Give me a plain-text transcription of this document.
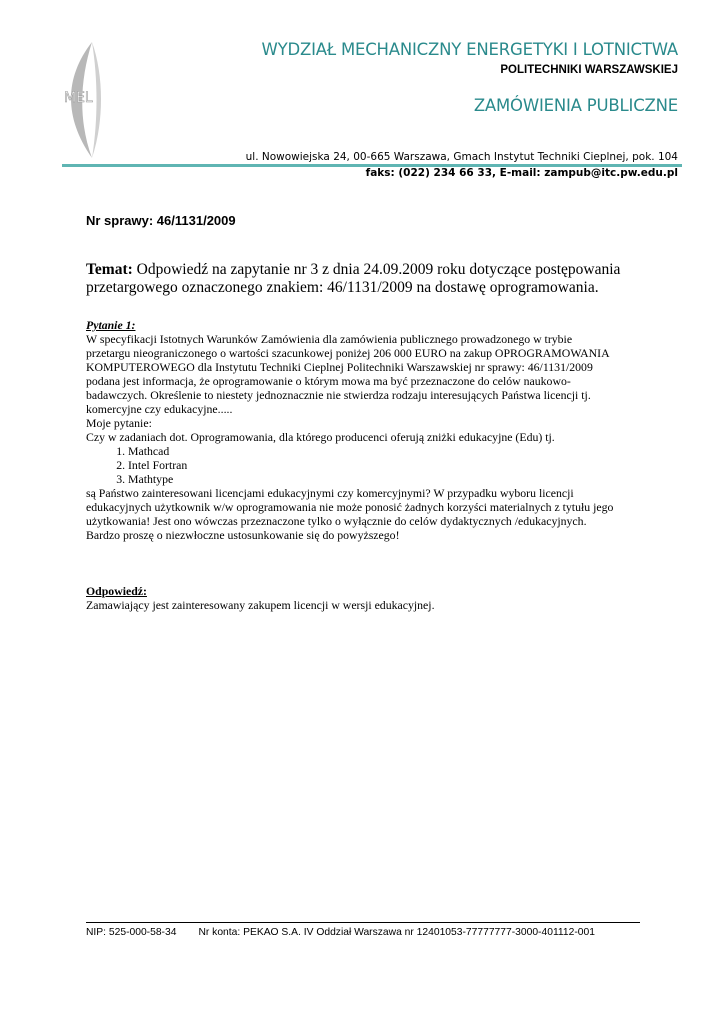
MEL
WYDZIAŁ MECHANICZNY ENERGETYKI I LOTNICTWA
POLITECHNIKI WARSZAWSKIEJ
ZAMÓWIENIA PUBLICZNE
ul. Nowowiejska 24, 00-665 Warszawa, Gmach Instytut Techniki Cieplnej, pok. 104
faks: (022) 234 66 33, E-mail: zampub@itc.pw.edu.pl
Nr sprawy: 46/1131/2009
Temat: Odpowiedź na zapytanie nr 3 z dnia 24.09.2009 roku dotyczące postępowania
przetargowego oznaczonego znakiem: 46/1131/2009 na dostawę oprogramowania.
Pytanie 1:
W specyfikacji Istotnych Warunków Zamówienia dla zamówienia publicznego prowadzonego w trybie
przetargu nieograniczonego o wartości szacunkowej poniżej 206 000 EURO na zakup OPROGRAMOWANIA
KOMPUTEROWEGO dla Instytutu Techniki Cieplnej Politechniki Warszawskiej nr sprawy: 46/1131/2009
podana jest informacja, że oprogramowanie o którym mowa ma być przeznaczone do celów naukowo-
badawczych. Określenie to niestety jednoznacznie nie stwierdza rodzaju interesujących Państwa licencji tj.
komercyjne czy edukacyjne.....
Moje pytanie:
Czy w zadaniach dot. Oprogramowania, dla którego producenci oferują zniżki edukacyjne (Edu) tj.
1. Mathcad
2. Intel Fortran
3. Mathtype
są Państwo zainteresowani licencjami edukacyjnymi czy komercyjnymi? W przypadku wyboru licencji
edukacyjnych użytkownik w/w oprogramowania nie może ponosić żadnych korzyści materialnych z tytułu jego
użytkowania! Jest ono wówczas przeznaczone tylko o wyłącznie do celów dydaktycznych /edukacyjnych.
Bardzo proszę o niezwłoczne ustosunkowanie się do powyższego!
Odpowiedź:
Zamawiający jest zainteresowany zakupem licencji w wersji edukacyjnej.
NIP: 525-000-58-34 Nr konta: PEKAO S.A. IV Oddział Warszawa nr 12401053-77777777-3000-401112-001
